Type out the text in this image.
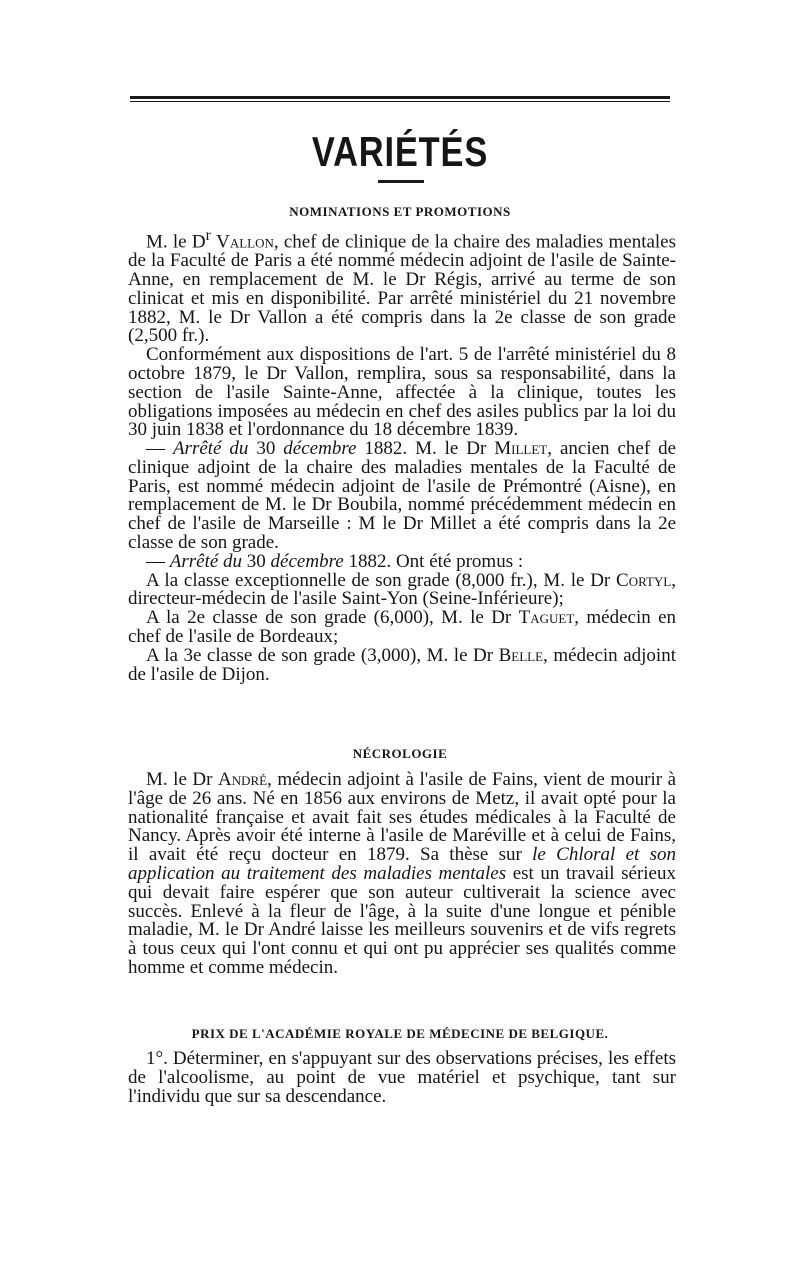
VARIÉTÉS
NOMINATIONS ET PROMOTIONS

M. le $D^r$ Vallon, chef de clinique de la chaire des maladies mentales de la Faculté de Paris a été nommé médecin adjoint de l'asile de Sainte-Anne, en remplacement de M. le Dr Régis, arrivé au terme de son clinicat et mis en disponibilité. Par arrêté ministériel du 21 novembre 1882, M. le Dr Vallon a été compris dans la 2e classe de son grade (2,500 fr.).

Conformément aux dispositions de l'art. 5 de l'arrêté ministériel du 8 octobre 1879, le Dr Vallon, remplira, sous sa responsabilité, dans la section de l'asile Sainte-Anne, affectée à la clinique, toutes les obligations imposées au médecin en chef des asiles publics par la loi du 30 juin 1838 et l'ordonnance du 18 décembre 1839.

— Arrêté du 30 décembre 1882. M. le Dr Millet, ancien chef de clinique adjoint de la chaire des maladies mentales de la Faculté de Paris, est nommé médecin adjoint de l'asile de Prémontré (Aisne), en remplacement de M. le Dr Boubila, nommé précédemment médecin en chef de l'asile de Marseille : M le Dr Millet a été compris dans la 2e classe de son grade.

— Arrêté du 30 décembre 1882. Ont été promus :

A la classe exceptionnelle de son grade (8,000 fr.), M. le Dr Cortyl, directeur-médecin de l'asile Saint-Yon (Seine-Inférieure);

A la 2e classe de son grade (6,000), M. le Dr Taguet, médecin en chef de l'asile de Bordeaux;

A la 3e classe de son grade (3,000), M. le Dr Belle, médecin adjoint de l'asile de Dijon.

NÉCROLOGIE

M. le Dr André, médecin adjoint à l'asile de Fains, vient de mourir à l'âge de 26 ans. Né en 1856 aux environs de Metz, il avait opté pour la nationalité française et avait fait ses études médicales à la Faculté de Nancy. Après avoir été interne à l'asile de Maréville et à celui de Fains, il avait été reçu docteur en 1879. Sa thèse sur le Chloral et son application au traitement des maladies mentales est un travail sérieux qui devait faire espérer que son auteur cultiverait la science avec succès. Enlevé à la fleur de l'âge, à la suite d'une longue et pénible maladie, M. le Dr André laisse les meilleurs souvenirs et de vifs regrets à tous ceux qui l'ont connu et qui ont pu apprécier ses qualités comme homme et comme médecin.

PRIX DE L'ACADÉMIE ROYALE DE MÉDECINE DE BELGIQUE.

1°. Déterminer, en s'appuyant sur des observations précises, les effets de l'alcoolisme, au point de vue matériel et psychique, tant sur l'individu que sur sa descendance.
